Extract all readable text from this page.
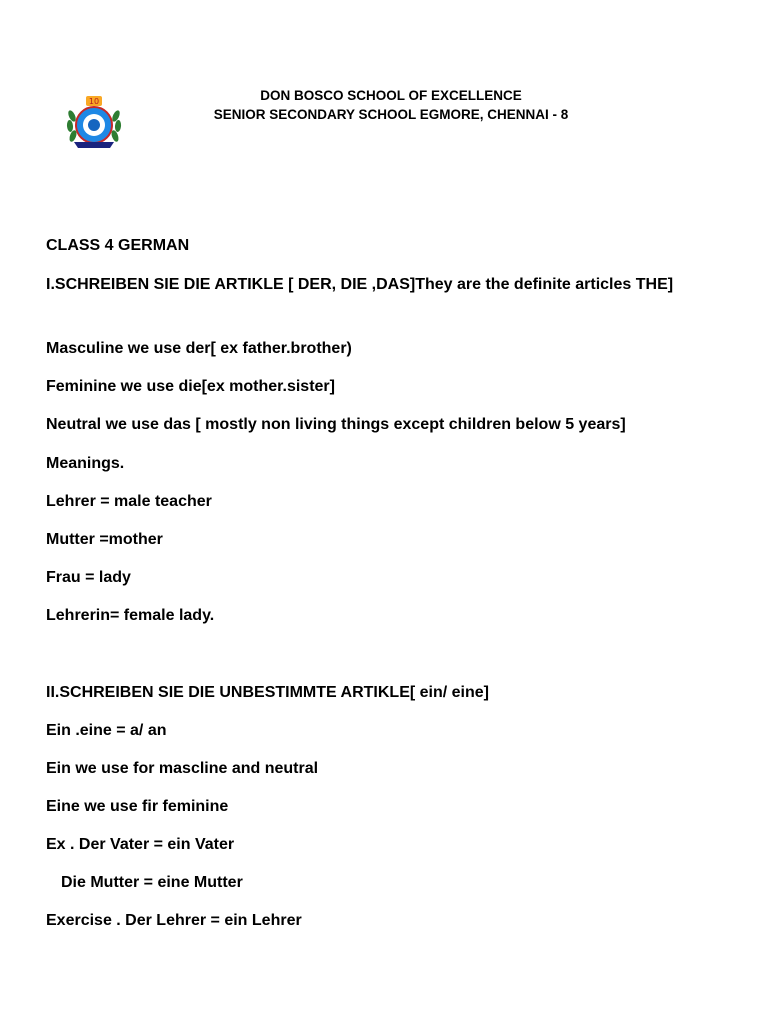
10	DON BOSCO SCHOOL OF EXCELLENCE
SENIOR SECONDARY SCHOOL EGMORE, CHENNAI - 8

CLASS 4 GERMAN

I.SCHREIBEN SIE DIE ARTIKLE [ DER, DIE ,DAS]They are the definite articles THE]

Masculine we use der[ ex father.brother)

Feminine we use die[ex mother.sister]

Neutral we use das [ mostly non living things except children below 5 years]

Meanings.

Lehrer = male teacher

Mutter =mother

Frau = lady

Lehrerin= female lady.

II.SCHREIBEN SIE DIE UNBESTIMMTE ARTIKLE[ ein/ eine]

Ein .eine = a/ an

Ein we use for mascline and neutral

Eine we use fir feminine

Ex . Der Vater = ein Vater

Die Mutter = eine Mutter

Exercise . Der Lehrer = ein Lehrer
